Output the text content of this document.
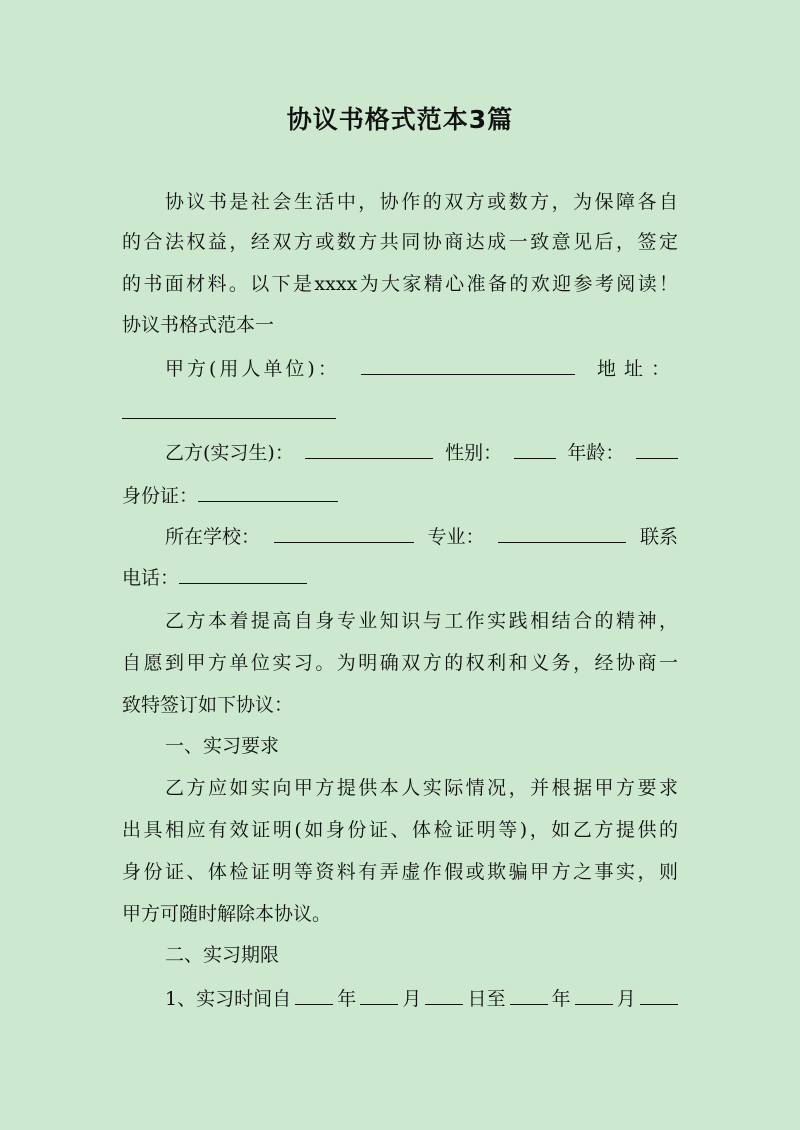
协议书格式范本3篇
协议书是社会生活中，协作的双方或数方，为保障各自
的合法权益，经双方或数方共同协商达成一致意见后，签定
的书面材料。以下是xxxx为大家精心准备的欢迎参考阅读！
协议书格式范本一
甲方(用人单位)：	地址：
乙方(实习生)：	性别：	年龄：
身份证：
所在学校：	专业：	联系
电话：
乙方本着提高自身专业知识与工作实践相结合的精神，
自愿到甲方单位实习。为明确双方的权利和义务，经协商一
致特签订如下协议：
一、实习要求
乙方应如实向甲方提供本人实际情况，并根据甲方要求
出具相应有效证明(如身份证、体检证明等)，如乙方提供的
身份证、体检证明等资料有弄虚作假或欺骗甲方之事实，则
甲方可随时解除本协议。
二、实习期限
1、实习时间自 年 月 日至 年 月
